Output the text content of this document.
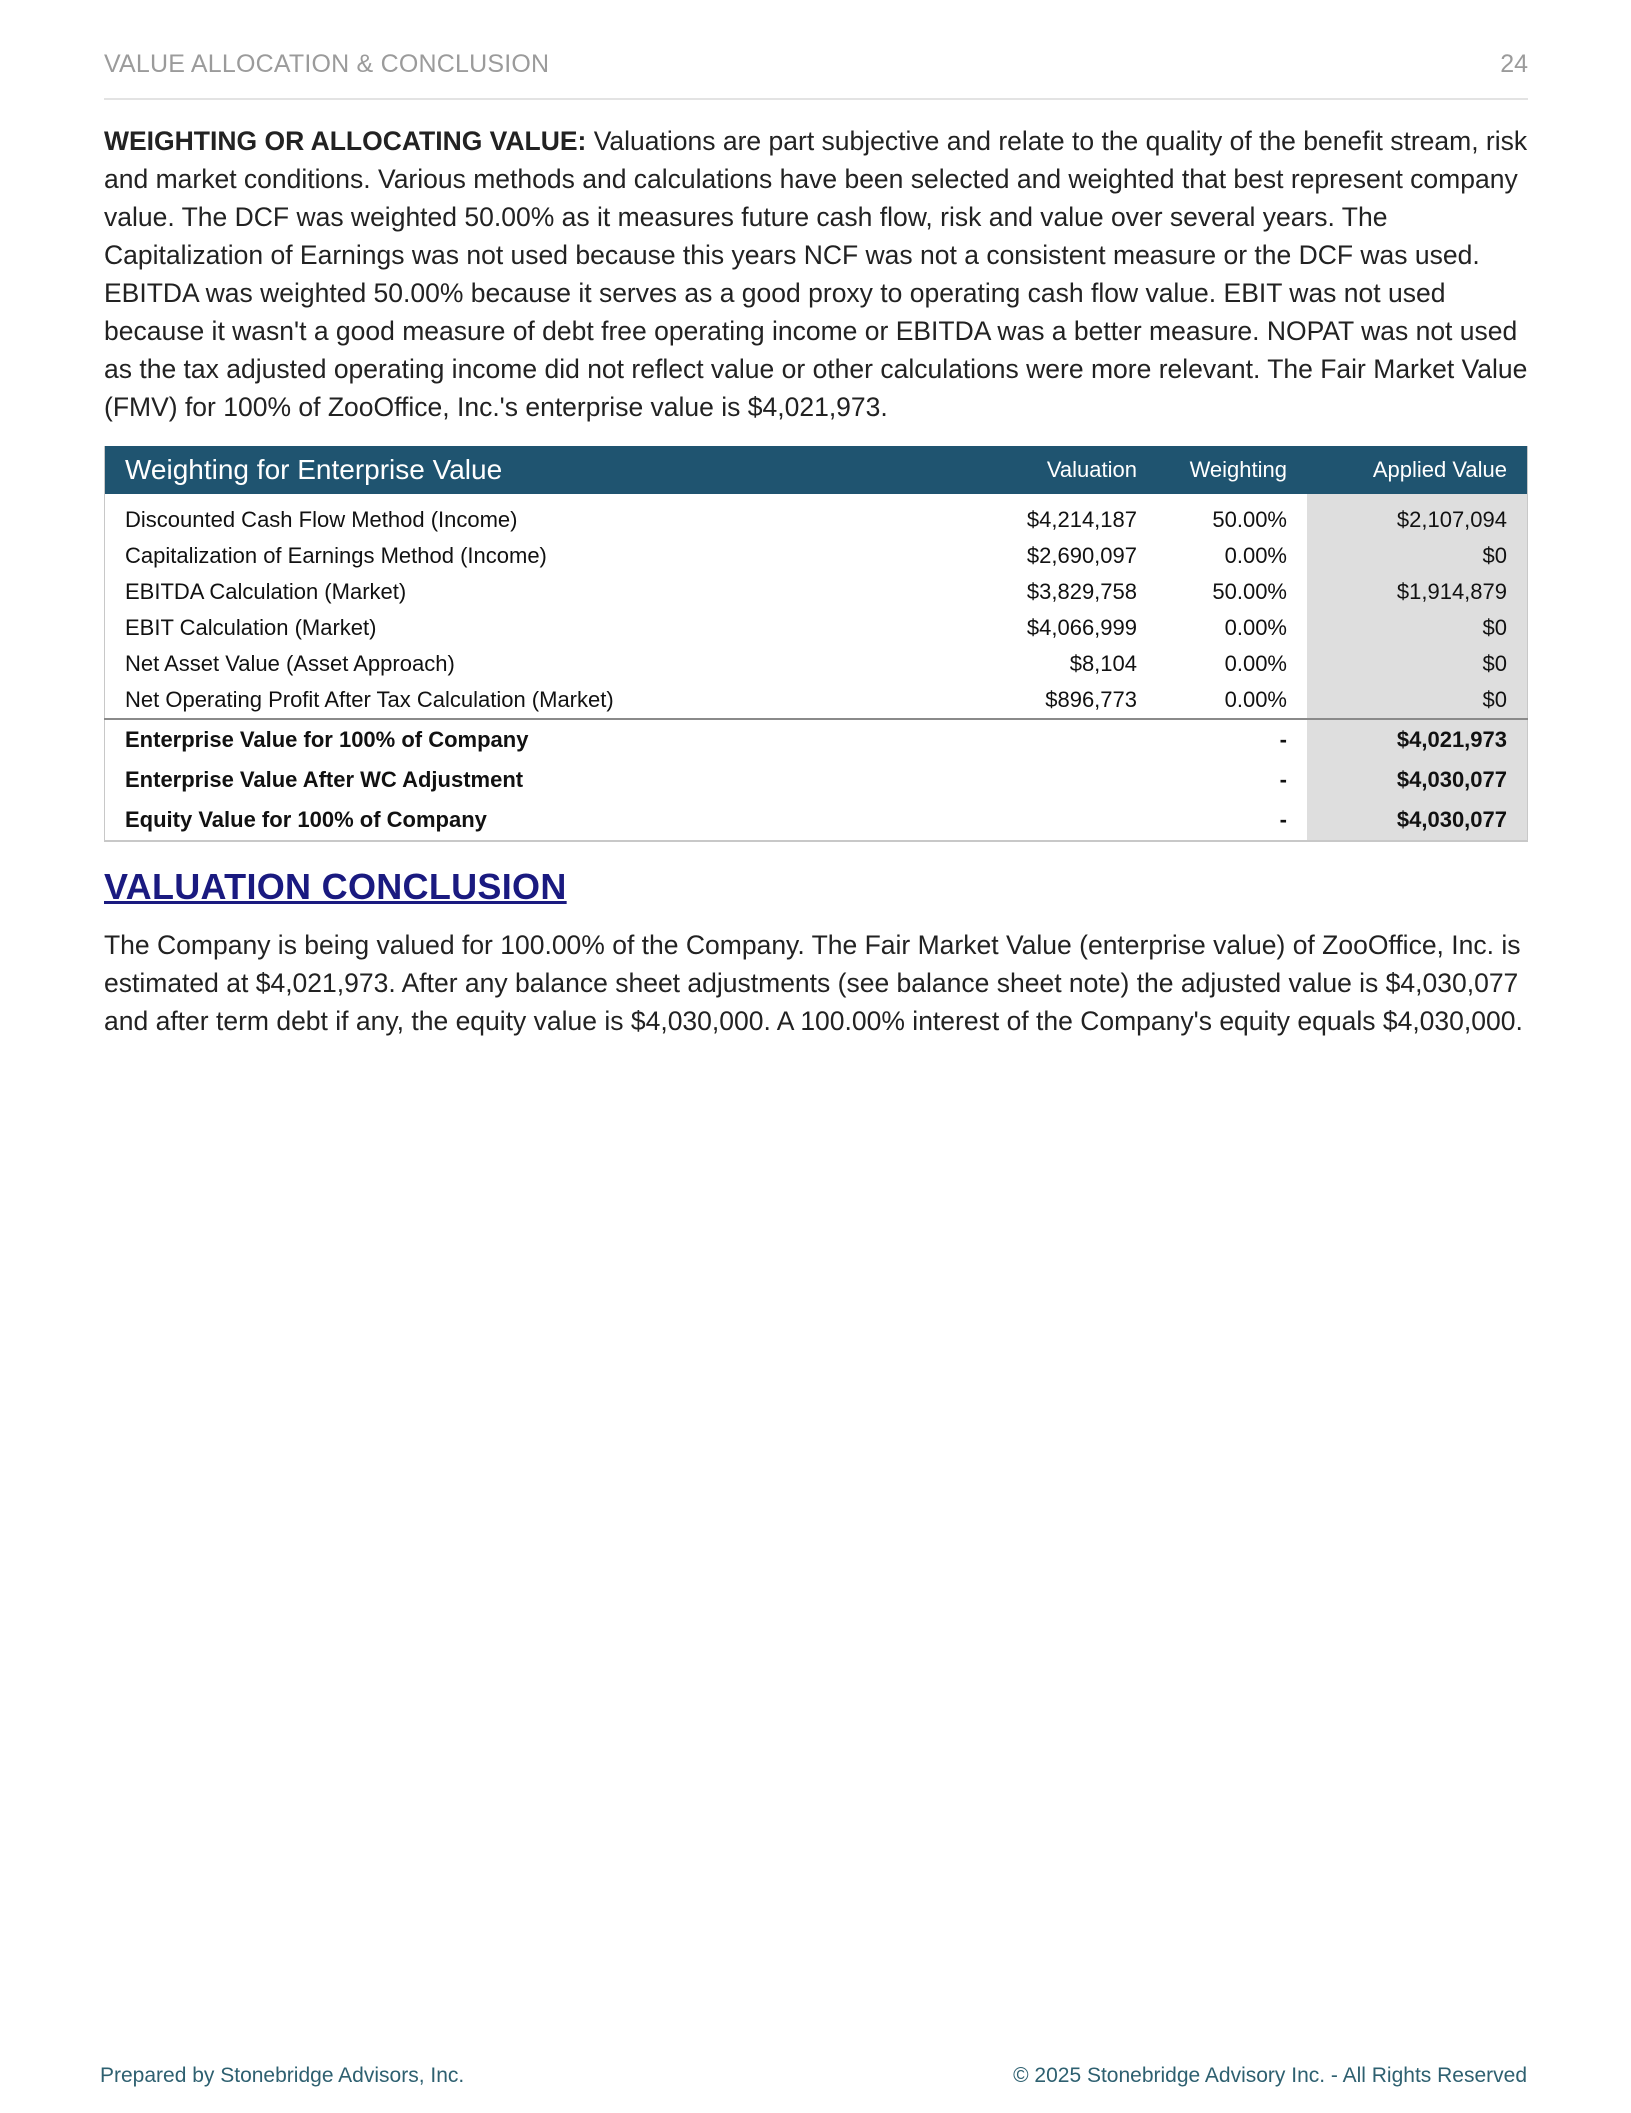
VALUE ALLOCATION & CONCLUSION	24
WEIGHTING OR ALLOCATING VALUE: Valuations are part subjective and relate to the quality of the benefit stream, risk and market conditions. Various methods and calculations have been selected and weighted that best represent company value. The DCF was weighted 50.00% as it measures future cash flow, risk and value over several years. The Capitalization of Earnings was not used because this years NCF was not a consistent measure or the DCF was used. EBITDA was weighted 50.00% because it serves as a good proxy to operating cash flow value. EBIT was not used because it wasn't a good measure of debt free operating income or EBITDA was a better measure. NOPAT was not used as the tax adjusted operating income did not reflect value or other calculations were more relevant. The Fair Market Value (FMV) for 100% of ZooOffice, Inc.'s enterprise value is $4,021,973.
Weighting for Enterprise Value	Valuation	Weighting	Applied Value
Discounted Cash Flow Method (Income)	$4,214,187	50.00%	$2,107,094
Capitalization of Earnings Method (Income)	$2,690,097	0.00%	$0
EBITDA Calculation (Market)	$3,829,758	50.00%	$1,914,879
EBIT Calculation (Market)	$4,066,999	0.00%	$0
Net Asset Value (Asset Approach)	$8,104	0.00%	$0
Net Operating Profit After Tax Calculation (Market)	$896,773	0.00%	$0
Enterprise Value for 100% of Company		-	$4,021,973
Enterprise Value After WC Adjustment		-	$4,030,077
Equity Value for 100% of Company		-	$4,030,077
VALUATION CONCLUSION
The Company is being valued for 100.00% of the Company. The Fair Market Value (enterprise value) of ZooOffice, Inc. is estimated at $4,021,973. After any balance sheet adjustments (see balance sheet note) the adjusted value is $4,030,077 and after term debt if any, the equity value is $4,030,000. A 100.00% interest of the Company's equity equals $4,030,000.
Prepared by Stonebridge Advisors, Inc.	© 2025 Stonebridge Advisory Inc. - All Rights Reserved
